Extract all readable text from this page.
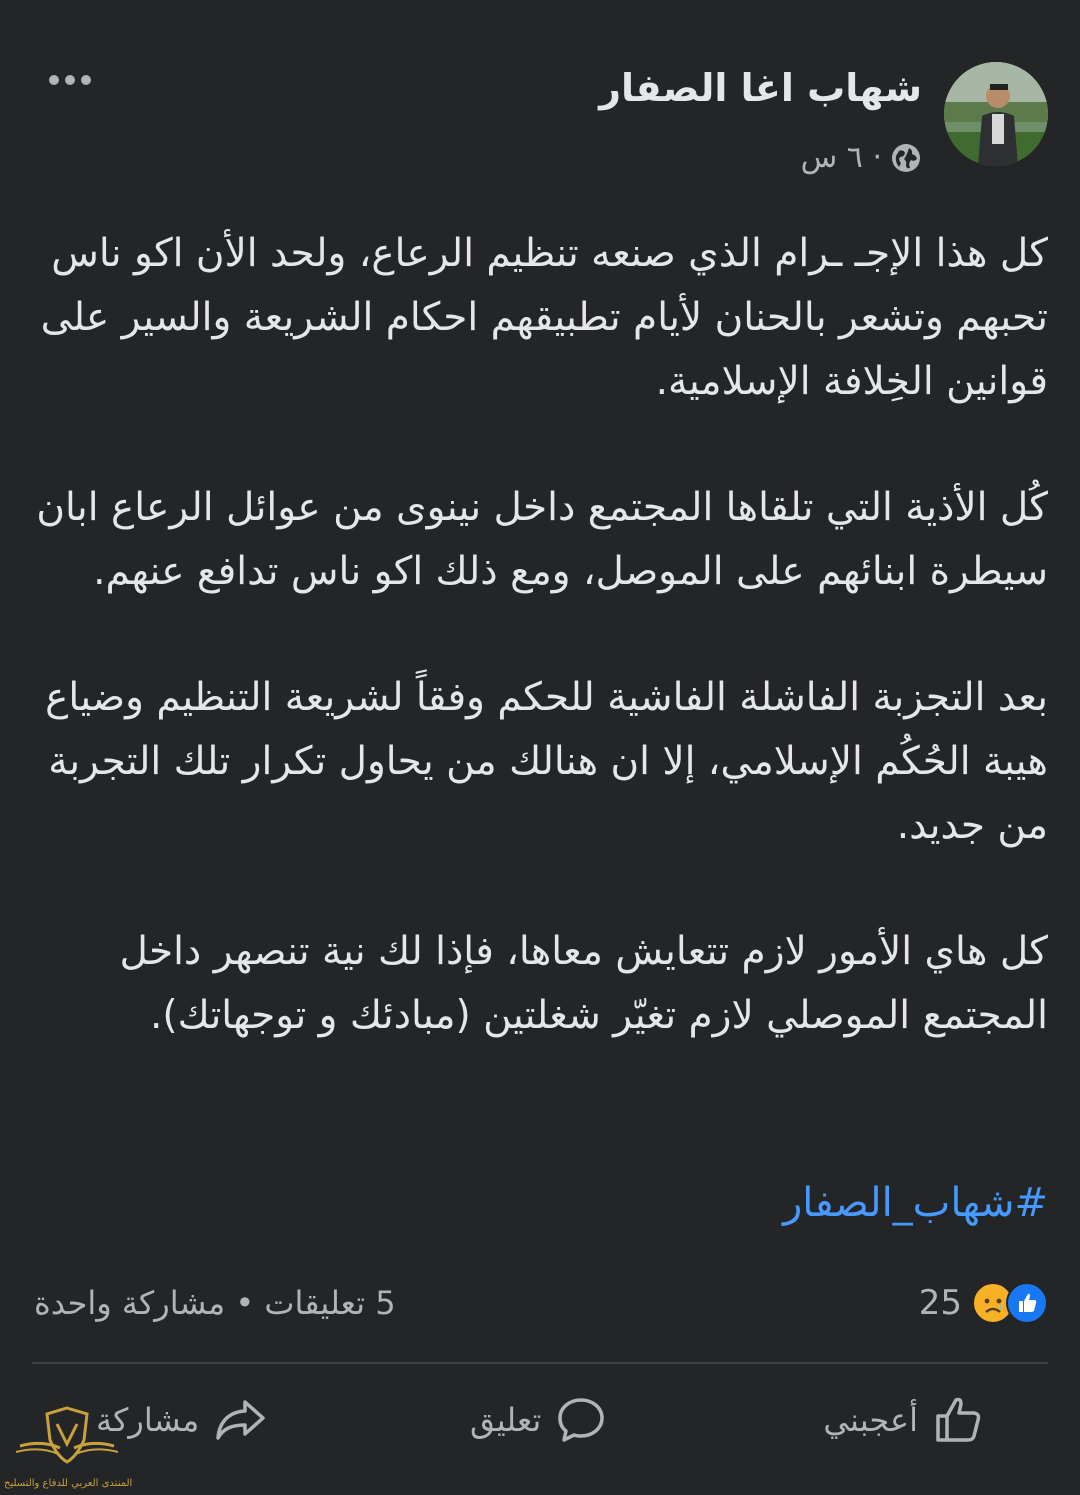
شهاب اغا الصفار
٦ س ·

كل هذا الإجـ ـرام الذي صنعه تنظيم الرعاع، ولحد الأن اكو ناس تحبهم وتشعر بالحنان لأيام تطبيقهم احكام الشريعة والسير على قوانين الخِلافة الإسلامية.

كُل الأذية التي تلقاها المجتمع داخل نينوى من عوائل الرعاع ابان سيطرة ابنائهم على الموصل، ومع ذلك اكو ناس تدافع عنهم.

بعد التجزبة الفاشلة الفاشية للحكم وفقاً لشريعة التنظيم وضياع هيبة الحُكُم الإسلامي، إلا ان هنالك من يحاول تكرار تلك التجربة من جديد.

كل هاي الأمور لازم تتعايش معاها، فإذا لك نية تنصهر داخل المجتمع الموصلي لازم تغيّر شغلتين (مبادئك و توجهاتك).

#شهاب_الصفار
25
5 تعليقات • مشاركة واحدة
أعجبني
تعليق
مشاركة
المنتدى العربي للدفاع والتسليح
